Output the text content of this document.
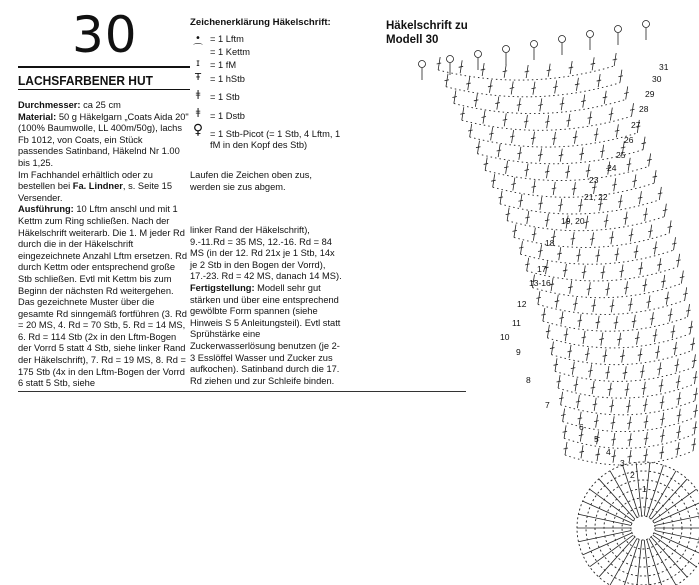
30
LACHSFARBENER HUT

Durchmesser: ca 25 cm

Material: 50 g Häkelgarn „Coats Aida 20" (100% Baumwolle, LL 400m/50g), lachs Fb 1012, von Coats, ein Stück passendes Satinband, Häkelnd Nr 1.00 bis 1,25.

Im Fachhandel erhältlich oder zu bestellen bei Fa. Lindner, s. Seite 15 Versender.

Ausführung: 10 Lftm anschl und mit 1 Kettm zum Ring schließen. Nach der Häkelschrift weiterarb. Die 1. M jeder Rd durch die in der Häkelschrift eingezeichnete Anzahl Lftm ersetzen. Rd durch Kettm oder entsprechend große Stb schließen. Evtl mit Kettm bis zum Beginn der nächsten Rd weitergehen. Das gezeichnete Muster über die gesamte Rd sinngemäß fortführen (3. Rd = 20 MS, 4. Rd = 70 Stb, 5. Rd = 14 MS, 6. Rd = 114 Stb (2x in den Lftm-Bogen der Vorrd 5 statt 4 Stb, siehe linker Rand der Häkelschrift), 7. Rd = 19 MS, 8. Rd = 175 Stb (4x in den Lftm-Bogen der Vorrd 6 statt 5 Stb, siehe

Zeichenerklärung Häkelschrift:
• = 1 Lftm
⌒ = 1 Kettm
ɪ	= 1 fM
Ŧ = 1 hStb
ǂ	= 1 Stb
ǂ	= 1 Dstb
♀ = 1 Stb-Picot (= 1 Stb, 4 Lftm, 1 fM in den Kopf des Stb)
Laufen die Zeichen oben zus, werden sie zus abgem.

linker Rand der Häkelschrift), 9.-11.Rd = 35 MS, 12.-16. Rd = 84 MS (in der 12. Rd 21x je 1 Stb, 14x je 2 Stb in den Bogen der Vorrd), 17.-23. Rd = 42 MS, danach 14 MS).

Fertigstellung: Modell sehr gut stärken und über eine entsprechend gewölbte Form spannen (siehe Hinweis S 5 Anleitungsteil). Evtl statt Sprühstärke eine Zuckerwasserlösung benutzen (je 2-3 Esslöffel Wasser und Zucker zus aufkochen). Satinband durch die 17. Rd ziehen und zur Schleife binden.

Häkelschrift zu
Modell 30
31
30
29
28
27
26
25
24
23
21, 22
19, 20
18
17
13-16
12
11
10
9
8
7
6
5
4
3
2
1
